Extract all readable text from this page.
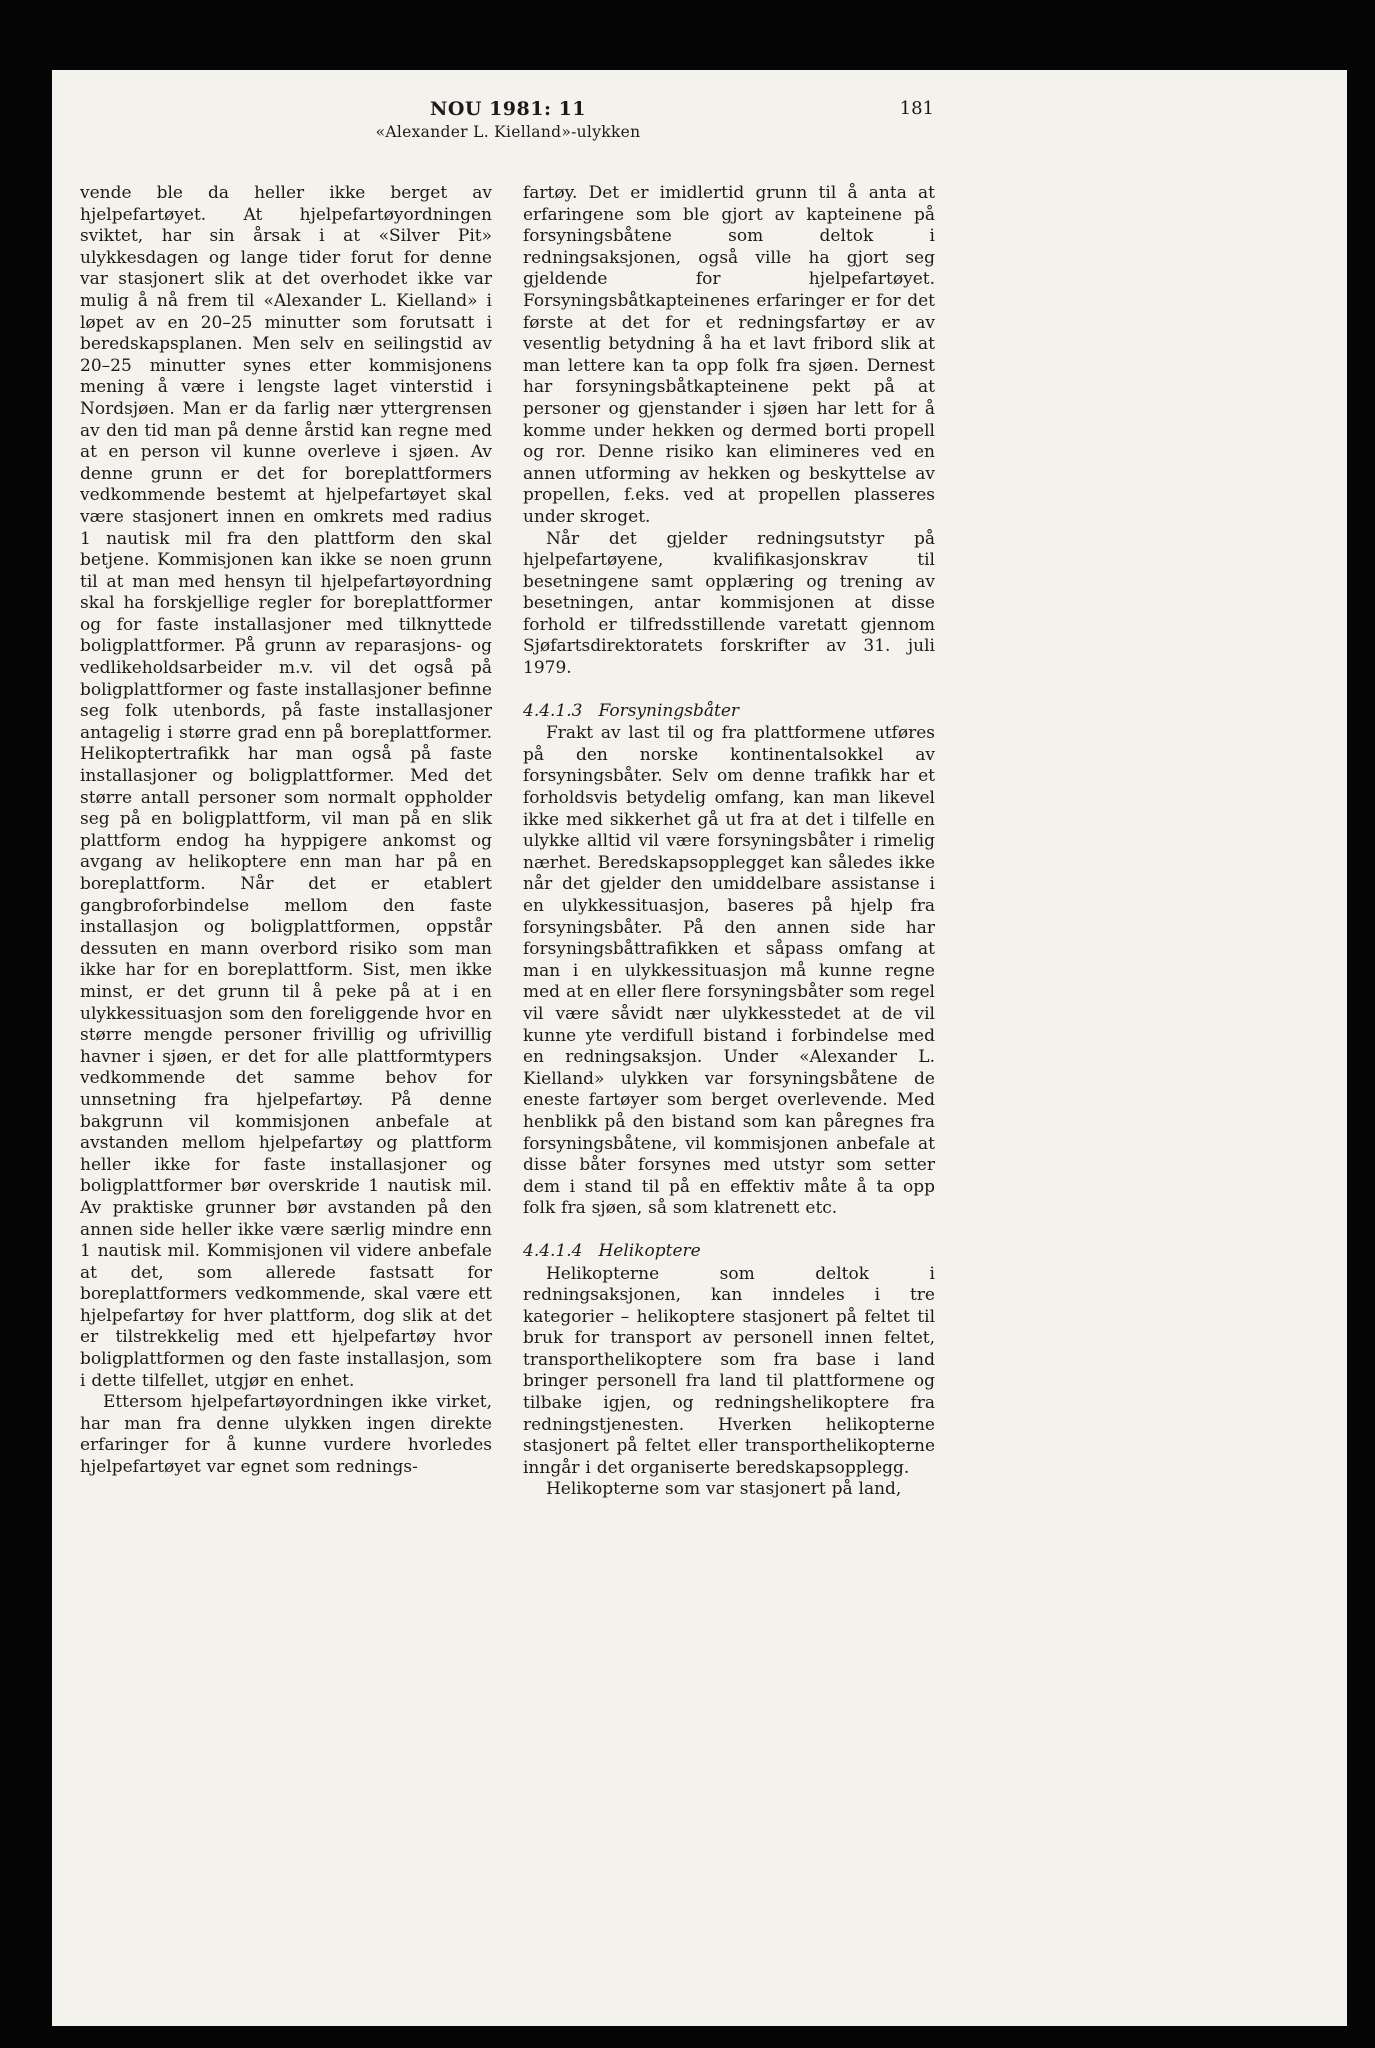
NOU 1981: 11
«Alexander L. Kielland»-ulykken
181

vende ble da heller ikke berget av hjelpefartøyet. At hjelpefartøyordningen sviktet, har sin årsak i at «Silver Pit» ulykkesdagen og lange tider forut for denne var stasjonert slik at det overhodet ikke var mulig å nå frem til «Alexander L. Kielland» i løpet av en 20–25 minutter som forutsatt i beredskapsplanen. Men selv en seilingstid av 20–25 minutter synes etter kommisjonens mening å være i lengste laget vinterstid i Nordsjøen. Man er da farlig nær yttergrensen av den tid man på denne årstid kan regne med at en person vil kunne overleve i sjøen. Av denne grunn er det for boreplattformers vedkommende bestemt at hjelpefartøyet skal være stasjonert innen en omkrets med radius 1 nautisk mil fra den plattform den skal betjene. Kommisjonen kan ikke se noen grunn til at man med hensyn til hjelpefartøyordning skal ha forskjellige regler for boreplattformer og for faste installasjoner med tilknyttede boligplattformer. På grunn av reparasjons- og vedlikeholdsarbeider m.v. vil det også på boligplattformer og faste installasjoner befinne seg folk utenbords, på faste installasjoner antagelig i større grad enn på boreplattformer. Helikoptertrafikk har man også på faste installasjoner og boligplattformer. Med det større antall personer som normalt oppholder seg på en boligplattform, vil man på en slik plattform endog ha hyppigere ankomst og avgang av helikoptere enn man har på en boreplattform. Når det er etablert gangbroforbindelse mellom den faste installasjon og boligplattformen, oppstår dessuten en mann overbord risiko som man ikke har for en boreplattform. Sist, men ikke minst, er det grunn til å peke på at i en ulykkessituasjon som den foreliggende hvor en større mengde personer frivillig og ufrivillig havner i sjøen, er det for alle plattformtypers vedkommende det samme behov for unnsetning fra hjelpefartøy. På denne bakgrunn vil kommisjonen anbefale at avstanden mellom hjelpefartøy og plattform heller ikke for faste installasjoner og boligplattformer bør overskride 1 nautisk mil. Av praktiske grunner bør avstanden på den annen side heller ikke være særlig mindre enn 1 nautisk mil. Kommisjonen vil videre anbefale at det, som allerede fastsatt for boreplattformers vedkommende, skal være ett hjelpefartøy for hver plattform, dog slik at det er tilstrekkelig med ett hjelpefartøy hvor boligplattformen og den faste installasjon, som i dette tilfellet, utgjør en enhet.

Ettersom hjelpefartøyordningen ikke virket, har man fra denne ulykken ingen direkte erfaringer for å kunne vurdere hvorledes hjelpefartøyet var egnet som rednings-

fartøy. Det er imidlertid grunn til å anta at erfaringene som ble gjort av kapteinene på forsyningsbåtene som deltok i redningsaksjonen, også ville ha gjort seg gjeldende for hjelpefartøyet. Forsyningsbåtkapteinenes erfaringer er for det første at det for et redningsfartøy er av vesentlig betydning å ha et lavt fribord slik at man lettere kan ta opp folk fra sjøen. Dernest har forsyningsbåtkapteinene pekt på at personer og gjenstander i sjøen har lett for å komme under hekken og dermed borti propell og ror. Denne risiko kan elimineres ved en annen utforming av hekken og beskyttelse av propellen, f.eks. ved at propellen plasseres under skroget.

Når det gjelder redningsutstyr på hjelpefartøyene, kvalifikasjonskrav til besetningene samt opplæring og trening av besetningen, antar kommisjonen at disse forhold er tilfredsstillende varetatt gjennom Sjøfartsdirektoratets forskrifter av 31. juli 1979.

4.4.1.3 Forsyningsbåter

Frakt av last til og fra plattformene utføres på den norske kontinentalsokkel av forsyningsbåter. Selv om denne trafikk har et forholdsvis betydelig omfang, kan man likevel ikke med sikkerhet gå ut fra at det i tilfelle en ulykke alltid vil være forsyningsbåter i rimelig nærhet. Beredskapsopplegget kan således ikke når det gjelder den umiddelbare assistanse i en ulykkessituasjon, baseres på hjelp fra forsyningsbåter. På den annen side har forsyningsbåttrafikken et såpass omfang at man i en ulykkessituasjon må kunne regne med at en eller flere forsyningsbåter som regel vil være såvidt nær ulykkesstedet at de vil kunne yte verdifull bistand i forbindelse med en redningsaksjon. Under «Alexander L. Kielland» ulykken var forsyningsbåtene de eneste fartøyer som berget overlevende. Med henblikk på den bistand som kan påregnes fra forsyningsbåtene, vil kommisjonen anbefale at disse båter forsynes med utstyr som setter dem i stand til på en effektiv måte å ta opp folk fra sjøen, så som klatrenett etc.

4.4.1.4 Helikoptere

Helikopterne som deltok i redningsaksjonen, kan inndeles i tre kategorier – helikoptere stasjonert på feltet til bruk for transport av personell innen feltet, transporthelikoptere som fra base i land bringer personell fra land til plattformene og tilbake igjen, og redningshelikoptere fra redningstjenesten. Hverken helikopterne stasjonert på feltet eller transporthelikopterne inngår i det organiserte beredskapsopplegg.

Helikopterne som var stasjonert på land,
